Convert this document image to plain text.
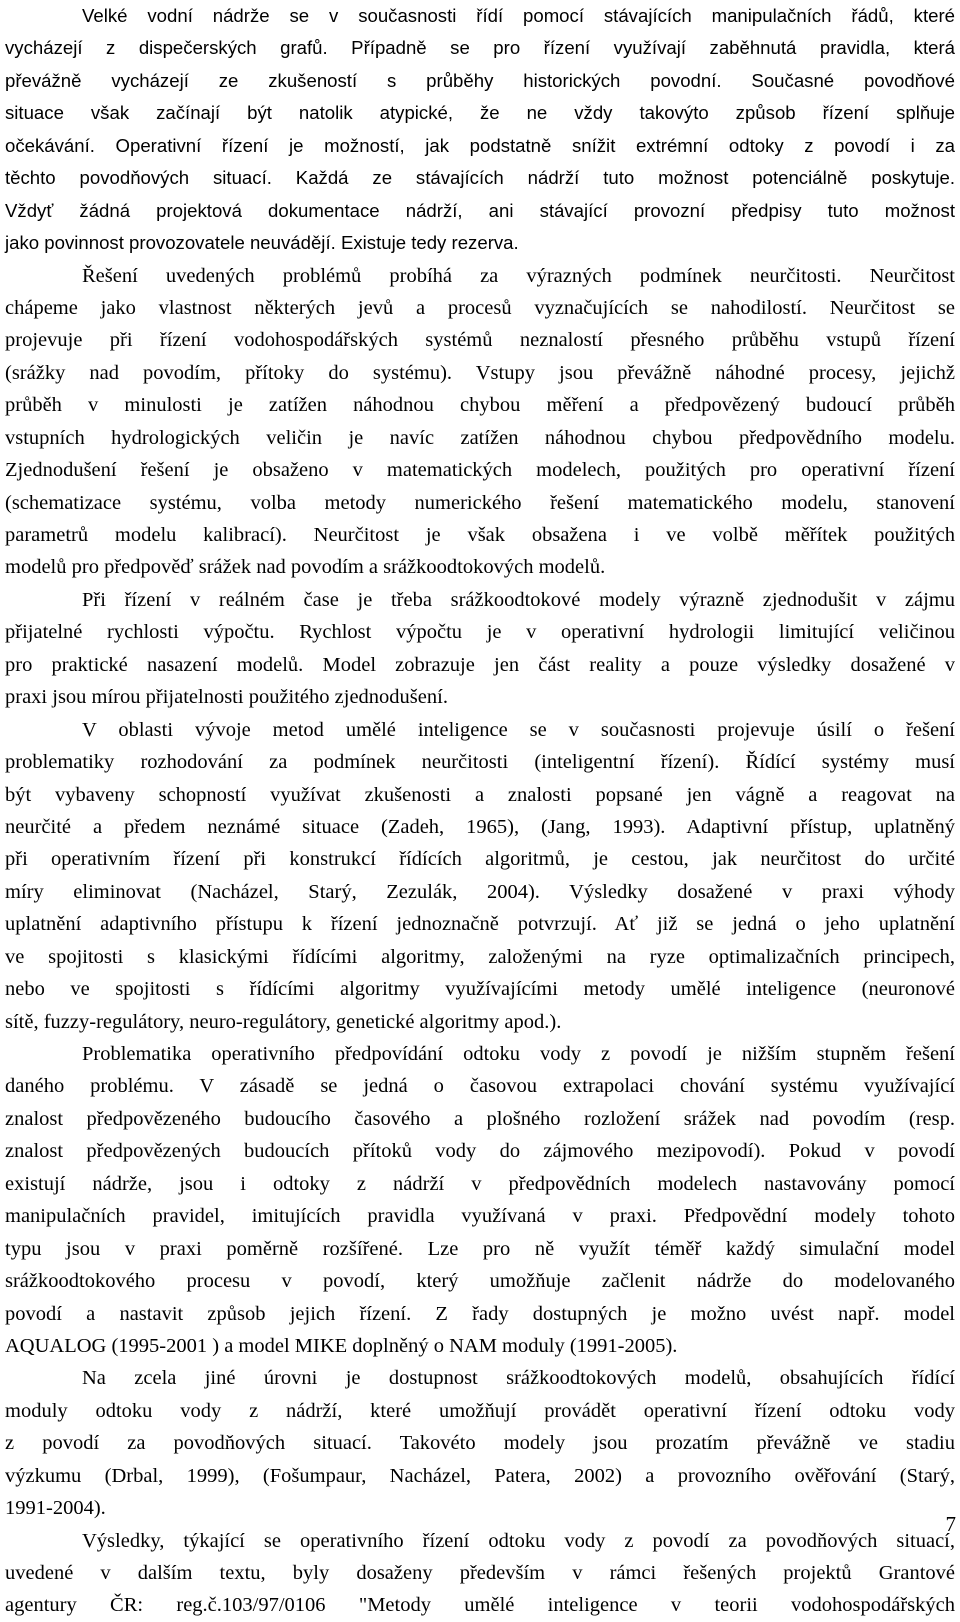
Velké vodní nádrže se v současnosti řídí pomocí stávajících manipulačních řádů, které
vycházejí z dispečerských grafů. Případně se pro řízení využívají zaběhnutá pravidla, která
převážně vycházejí ze zkušeností s průběhy historických povodní. Současné povodňové
situace však začínají být natolik atypické, že ne vždy takovýto způsob řízení splňuje
očekávání. Operativní řízení je možností, jak podstatně snížit extrémní odtoky z povodí i za
těchto povodňových situací. Každá ze stávajících nádrží tuto možnost potenciálně poskytuje.
Vždyť žádná projektová dokumentace nádrží, ani stávající provozní předpisy tuto možnost
jako povinnost provozovatele neuvádějí. Existuje tedy rezerva.
Řešení uvedených problémů probíhá za výrazných podmínek neurčitosti. Neurčitost
chápeme jako vlastnost některých jevů a procesů vyznačujících se nahodilostí. Neurčitost se
projevuje při řízení vodohospodářských systémů neznalostí přesného průběhu vstupů řízení
(srážky nad povodím, přítoky do systému). Vstupy jsou převážně náhodné procesy, jejichž
průběh v minulosti je zatížen náhodnou chybou měření a předpovězený budoucí průběh
vstupních hydrologických veličin je navíc zatížen náhodnou chybou předpovědního modelu.
Zjednodušení řešení je obsaženo v matematických modelech, použitých pro operativní řízení
(schematizace systému, volba metody numerického řešení matematického modelu, stanovení
parametrů modelu kalibrací). Neurčitost je však obsažena i ve volbě měřítek použitých
modelů pro předpověď srážek nad povodím a srážkoodtokových modelů.
Při řízení v reálném čase je třeba srážkoodtokové modely výrazně zjednodušit v zájmu
přijatelné rychlosti výpočtu. Rychlost výpočtu je v operativní hydrologii limitující veličinou
pro praktické nasazení modelů. Model zobrazuje jen část reality a pouze výsledky dosažené v
praxi jsou mírou přijatelnosti použitého zjednodušení.
V oblasti vývoje metod umělé inteligence se v současnosti projevuje úsilí o řešení
problematiky rozhodování za podmínek neurčitosti (inteligentní řízení). Řídící systémy musí
být vybaveny schopností využívat zkušenosti a znalosti popsané jen vágně a reagovat na
neurčité a předem neznámé situace (Zadeh, 1965), (Jang, 1993). Adaptivní přístup, uplatněný
při operativním řízení při konstrukcí řídících algoritmů, je cestou, jak neurčitost do určité
míry eliminovat (Nacházel, Starý, Zezulák, 2004). Výsledky dosažené v praxi výhody
uplatnění adaptivního přístupu k řízení jednoznačně potvrzují. Ať již se jedná o jeho uplatnění
ve spojitosti s klasickými řídícími algoritmy, založenými na ryze optimalizačních principech,
nebo ve spojitosti s řídícími algoritmy využívajícími metody umělé inteligence (neuronové
sítě, fuzzy-regulátory, neuro-regulátory, genetické algoritmy apod.).
Problematika operativního předpovídání odtoku vody z povodí je nižším stupněm řešení
daného problému. V zásadě se jedná o časovou extrapolaci chování systému využívající
znalost předpovězeného budoucího časového a plošného rozložení srážek nad povodím (resp.
znalost předpovězených budoucích přítoků vody do zájmového mezipovodí). Pokud v povodí
existují nádrže, jsou i odtoky z nádrží v předpovědních modelech nastavovány pomocí
manipulačních pravidel, imitujících pravidla využívaná v praxi. Předpovědní modely tohoto
typu jsou v praxi poměrně rozšířené. Lze pro ně využít téměř každý simulační model
srážkoodtokového procesu v povodí, který umožňuje začlenit nádrže do modelovaného
povodí a nastavit způsob jejich řízení. Z řady dostupných je možno uvést např. model
AQUALOG (1995-2001 ) a model MIKE doplněný o NAM moduly (1991-2005).
Na zcela jiné úrovni je dostupnost srážkoodtokových modelů, obsahujících řídící
moduly odtoku vody z nádrží, které umožňují provádět operativní řízení odtoku vody
z povodí za povodňových situací. Takovéto modely jsou prozatím převážně ve stadiu
výzkumu (Drbal, 1999), (Fošumpaur, Nacházel, Patera, 2002) a provozního ověřování (Starý,
1991-2004).
Výsledky, týkající se operativního řízení odtoku vody z povodí za povodňových situací,
uvedené v dalším textu, byly dosaženy především v rámci řešených projektů Grantové
agentury ČR: reg.č.103/97/0106 "Metody umělé inteligence v teorii vodohospodářských
7
